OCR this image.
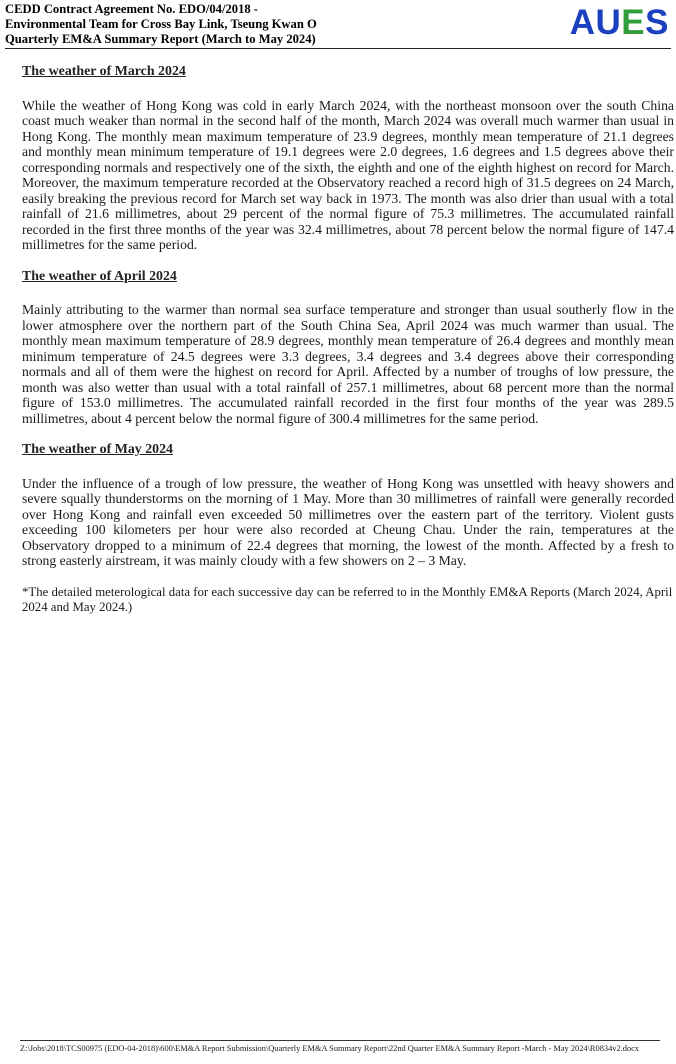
CEDD Contract Agreement No. EDO/04/2018 -
Environmental Team for Cross Bay Link, Tseung Kwan O
Quarterly EM&A Summary Report (March to May 2024)	AUES
The weather of March 2024

While the weather of Hong Kong was cold in early March 2024, with the northeast monsoon over the south China coast much weaker than normal in the second half of the month, March 2024 was overall much warmer than usual in Hong Kong. The monthly mean maximum temperature of 23.9 degrees, monthly mean temperature of 21.1 degrees and monthly mean minimum temperature of 19.1 degrees were 2.0 degrees, 1.6 degrees and 1.5 degrees above their corresponding normals and respectively one of the sixth, the eighth and one of the eighth highest on record for March. Moreover, the maximum temperature recorded at the Observatory reached a record high of 31.5 degrees on 24 March, easily breaking the previous record for March set way back in 1973. The month was also drier than usual with a total rainfall of 21.6 millimetres, about 29 percent of the normal figure of 75.3 millimetres. The accumulated rainfall recorded in the first three months of the year was 32.4 millimetres, about 78 percent below the normal figure of 147.4 millimetres for the same period.

The weather of April 2024

Mainly attributing to the warmer than normal sea surface temperature and stronger than usual southerly flow in the lower atmosphere over the northern part of the South China Sea, April 2024 was much warmer than usual. The monthly mean maximum temperature of 28.9 degrees, monthly mean temperature of 26.4 degrees and monthly mean minimum temperature of 24.5 degrees were 3.3 degrees, 3.4 degrees and 3.4 degrees above their corresponding normals and all of them were the highest on record for April. Affected by a number of troughs of low pressure, the month was also wetter than usual with a total rainfall of 257.1 millimetres, about 68 percent more than the normal figure of 153.0 millimetres. The accumulated rainfall recorded in the first four months of the year was 289.5 millimetres, about 4 percent below the normal figure of 300.4 millimetres for the same period.

The weather of May 2024

Under the influence of a trough of low pressure, the weather of Hong Kong was unsettled with heavy showers and severe squally thunderstorms on the morning of 1 May. More than 30 millimetres of rainfall were generally recorded over Hong Kong and rainfall even exceeded 50 millimetres over the eastern part of the territory. Violent gusts exceeding 100 kilometers per hour were also recorded at Cheung Chau. Under the rain, temperatures at the Observatory dropped to a minimum of 22.4 degrees that morning, the lowest of the month. Affected by a fresh to strong easterly airstream, it was mainly cloudy with a few showers on 2 – 3 May.

*The detailed meterological data for each successive day can be referred to in the Monthly EM&A Reports (March 2024, April 2024 and May 2024.)

Z:\Jobs\2018\TCS00975 (EDO-04-2018)\600\EM&A Report Submission\Quarterly EM&A Summary Report\22nd Quarter EM&A Summary Report -March - May 2024\R0834v2.docx
